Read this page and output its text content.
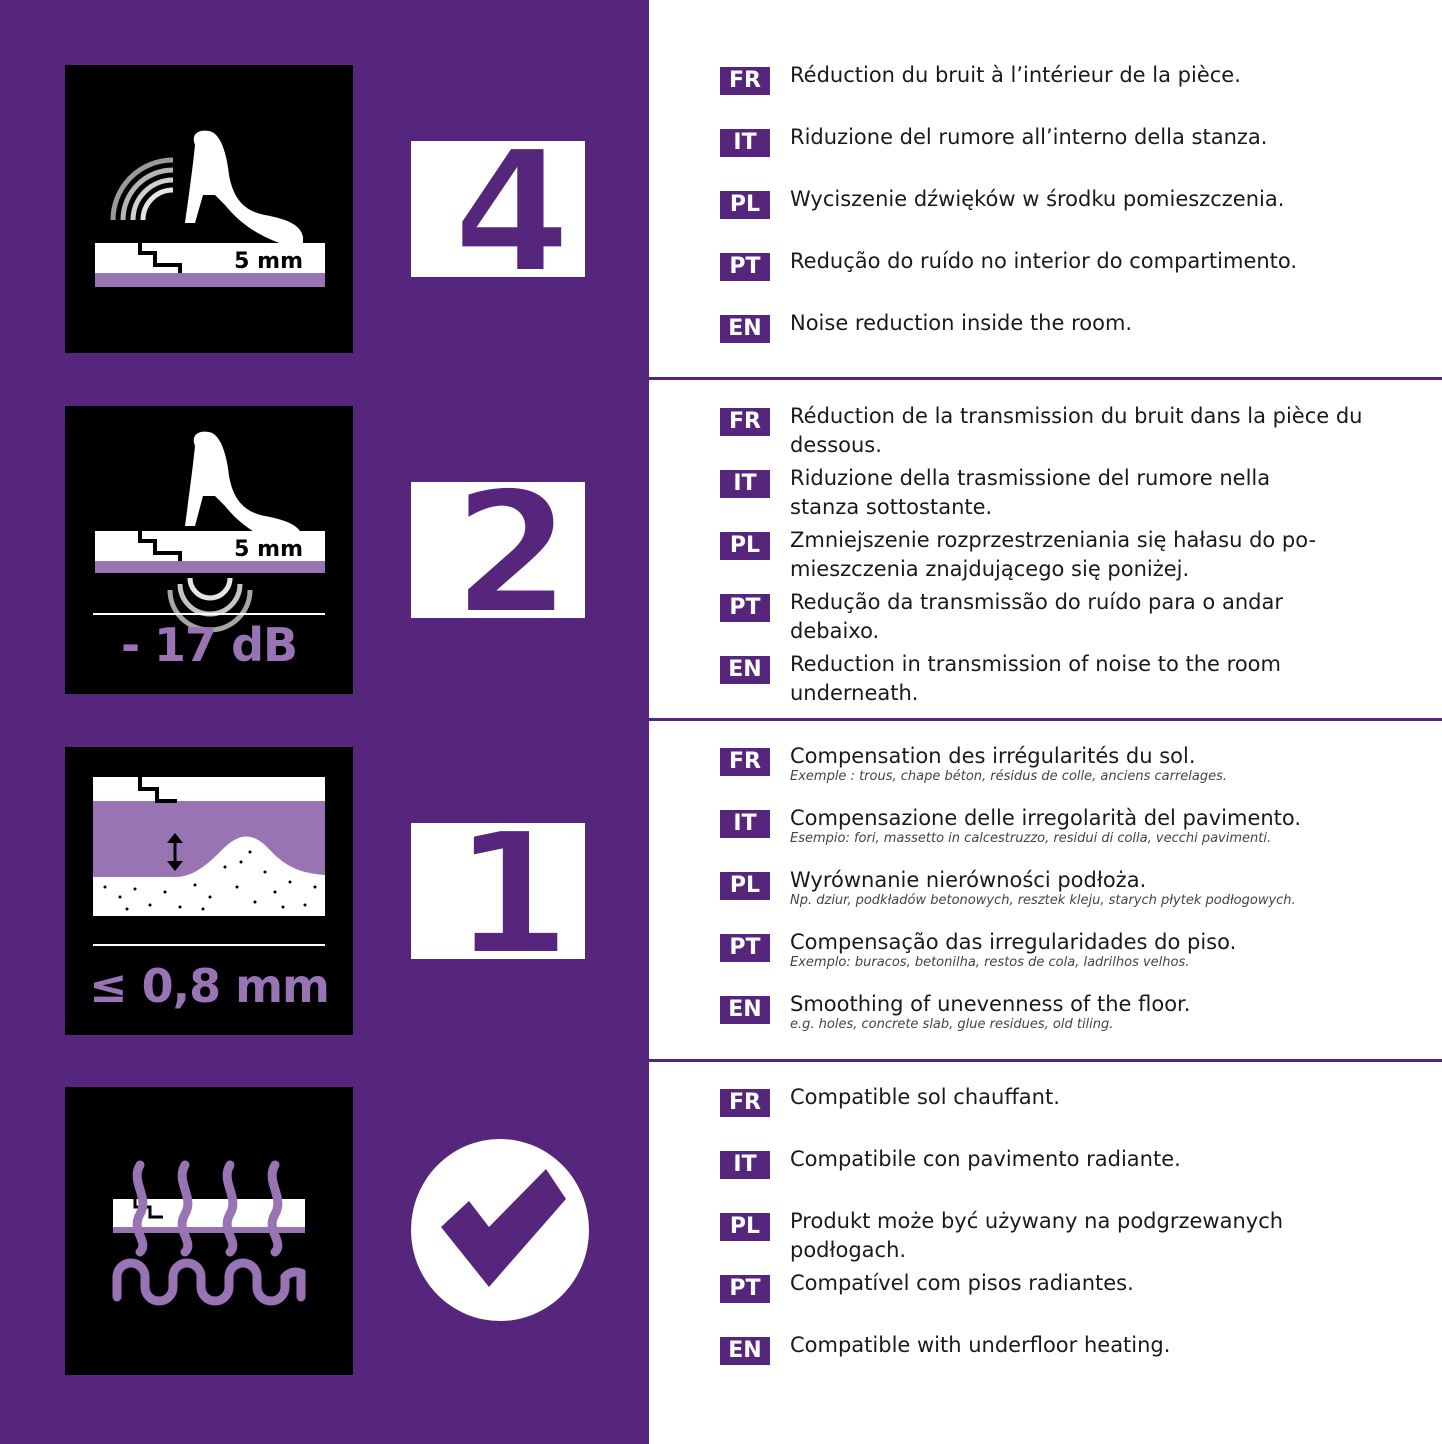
5 mm
5 mm
- 17 dB
≤ 0,8 mm
4
2
1
FR	Réduction du bruit à l’intérieur de la pièce.
IT	Riduzione del rumore all’interno della stanza.
PL	Wyciszenie dźwięków w środku pomieszczenia.
PT	Redução do ruído no interior do compartimento.
EN	Noise reduction inside the room.
FR	Réduction de la transmission du bruit dans la pièce du dessous.
IT	Riduzione della trasmissione del rumore nella stanza sottostante.
PL	Zmniejszenie rozprzestrzeniania się hałasu do po-mieszczenia znajdującego się poniżej.
PT	Redução da transmissão do ruído para o andar debaixo.
EN	Reduction in transmission of noise to the room underneath.
FR	Compensation des irrégularités du sol.
Exemple : trous, chape béton, résidus de colle, anciens carrelages.
IT	Compensazione delle irregolarità del pavimento.
Esempio: fori, massetto in calcestruzzo, residui di colla, vecchi pavimenti.
PL	Wyrównanie nierówności podłoża.
Np. dziur, podkładów betonowych, resztek kleju, starych płytek podłogowych.
PT	Compensação das irregularidades do piso.
Exemplo: buracos, betonilha, restos de cola, ladrilhos velhos.
EN	Smoothing of unevenness of the floor.
e.g. holes, concrete slab, glue residues, old tiling.
FR	Compatible sol chauffant.
IT	Compatibile con pavimento radiante.
PL	Produkt może być używany na podgrzewanych podłogach.
PT	Compatível com pisos radiantes.
EN	Compatible with underfloor heating.
